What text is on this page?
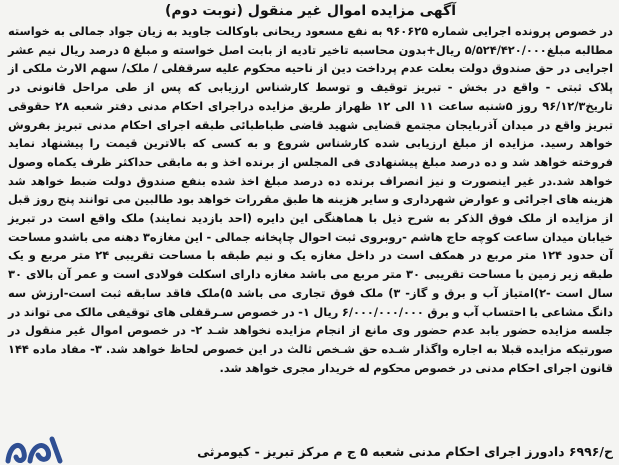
آگهی مزایده اموال غیر منقول (نوبت دوم)
در خصوص پرونده اجرایی شماره ۹۶۰۶۲۵ به نفع مسعود ریحانی باوکالت جاوید به زیان جواد جمالی به خواسته مطالبه مبلغ۵/۵۲۴/۴۲۰/۰۰۰ ریال+بدون محاسبه تاخیر تادیه از بابت اصل خواسته و مبلغ ۵ درصد ریال نیم عشر اجرایی در حق صندوق دولت بعلت عدم پرداخت دین از ناحیه محکوم علیه سرقفلی / ملک/ سهم الارث ملکی از پلاک ثبتی - واقع در بخش - تبریز توقیف و توسط کارشناس ارزیابی که پس از طی مراحل قانونی در تاریخ۹۶/۱۲/۳ روز ۵شنبه ساعت ۱۱ الی ۱۲ ظهراز طریق مزایده دراجرای احکام مدنی دفتر شعبه ۲۸ حقوقی تبریز واقع در میدان آذربایجان مجتمع قضایی شهید قاضی طباطبائی طبقه اجرای احکام مدنی تبریز بفروش خواهد رسید. مزایده از مبلغ ارزیابی شده کارشناس شروع و به کسی که بالاترین قیمت را پیشنهاد نماید فروخته خواهد شد و ده درصد مبلغ پیشنهادی فی المجلس از برنده اخذ و به مابقی حداکثر ظرف یکماه وصول خواهد شد.در غیر اینصورت و نیز انصراف برنده ده درصد مبلغ اخذ شده بنفع صندوق دولت ضبط خواهد شد هزینه های اجرائی و عوارض شهرداری و سایر هزینه ها طبق مقررات خواهد بود طالبین می توانند پنج روز قبل از مزایده از ملک فوق الذکر به شرح ذیل با هماهنگی این دایره (احد بازدید نمایند) ملک واقع است در تبریز خیابان میدان ساعت کوچه حاج هاشم -روبروی ثبت احوال چاپخانه جمالی - این مغازه۳ دهنه می باشدو مساحت آن حدود ۱۲۴ متر مربع در همکف است در داخل مغازه یک و نیم طبقه با مساحت تقریبی ۲۴ متر مربع و یک طبقه زیر زمین با مساحت تقریبی ۳۰ متر مربع می باشد مغازه دارای اسکلت فولادی است و عمر آن بالای ۳۰ سال است -۲)امتیاز آب و برق و گاز- ۳) ملک فوق تجاری می باشد ۵)ملک فاقد سابقه ثبت است-ارزش سه دانگ مشاعی با احتساب آب و برق ۶/۰۰۰/۰۰۰/۰۰۰ ریال ۱- در خصوص سـرقفلی های توقیفی مالک می تواند در جلسه مزایده حضور یابد عدم حضور وی مانع از انجام مزایده نخواهد شـد ۲- در خصوص اموال غیر منقول در صورتیکه مزایده قبلا به اجاره واگذار شـده حق شـخص ثالث در این خصوص لحاظ خواهد شد. ۳- مفاد ماده ۱۴۴ قانون اجرای احکام مدنی در خصوص محکوم له خریدار مجری خواهد شد.
ح/۶۹۹۶ دادورز اجرای احکام مدنی شعبه ۵ ج م مرکز تبریز - کیومرثی
